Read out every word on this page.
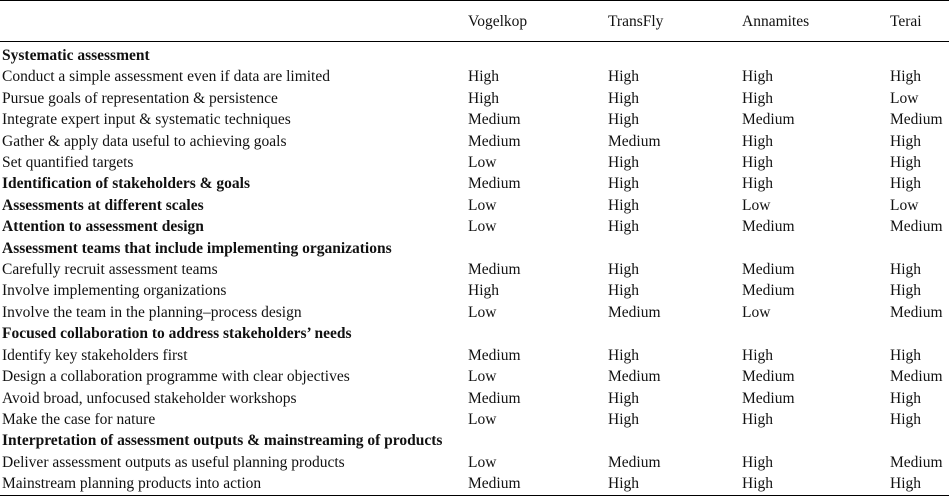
	Vogelkop	TransFly	Annamites	Terai
Systematic assessment				
Conduct a simple assessment even if data are limited	High	High	High	High
Pursue goals of representation & persistence	High	High	High	Low
Integrate expert input & systematic techniques	Medium	High	Medium	Medium
Gather & apply data useful to achieving goals	Medium	Medium	High	High
Set quantified targets	Low	High	High	High
Identification of stakeholders & goals	Medium	High	High	High
Assessments at different scales	Low	High	Low	Low
Attention to assessment design	Low	High	Medium	Medium
Assessment teams that include implementing organizations				
Carefully recruit assessment teams	Medium	High	Medium	High
Involve implementing organizations	High	High	Medium	High
Involve the team in the planning–process design	Low	Medium	Low	Medium
Focused collaboration to address stakeholders’ needs				
Identify key stakeholders first	Medium	High	High	High
Design a collaboration programme with clear objectives	Low	Medium	Medium	Medium
Avoid broad, unfocused stakeholder workshops	Medium	High	Medium	High
Make the case for nature	Low	High	High	High
Interpretation of assessment outputs & mainstreaming of products				
Deliver assessment outputs as useful planning products	Low	Medium	High	Medium
Mainstream planning products into action	Medium	High	High	High
